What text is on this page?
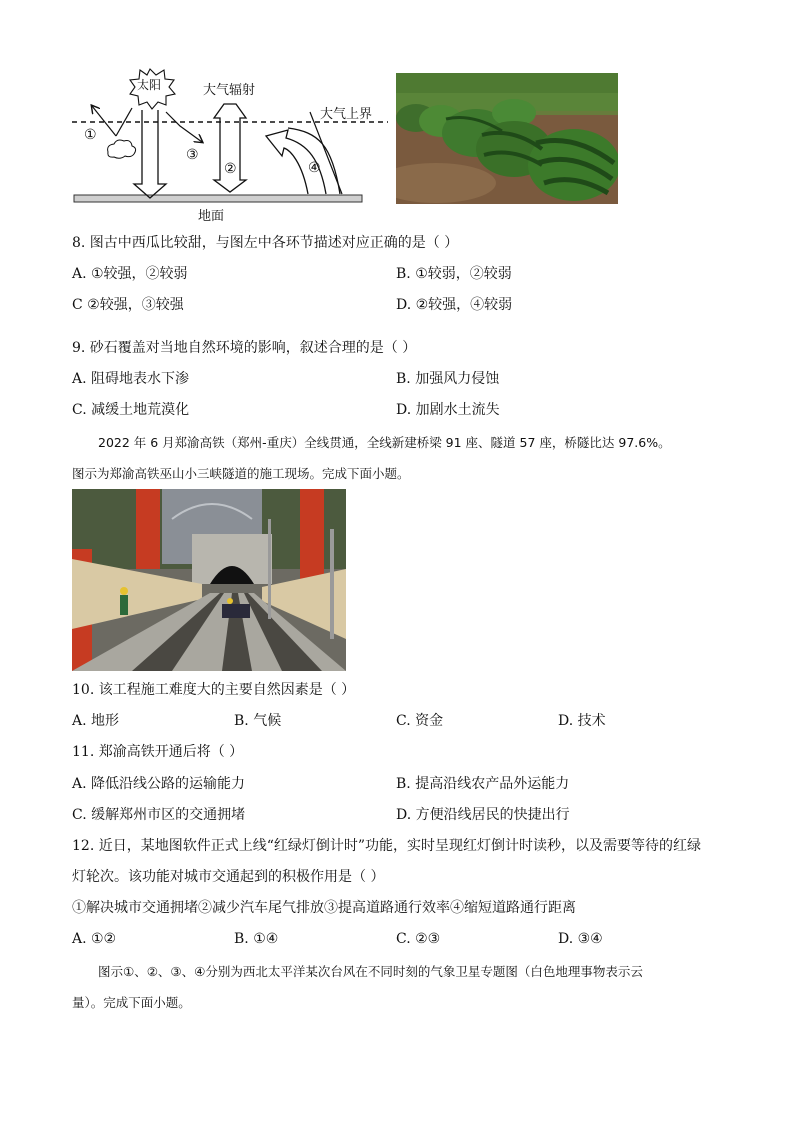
太阳	大气辐射
大气上界
①
②
③
④
地面
8. 图古中西瓜比较甜，与图左中各环节描述对应正确的是（ ）
A. ①较强，②较弱	B. ①较弱，②较弱
C ②较强，③较强	D. ②较强，④较弱
9. 砂石覆盖对当地自然环境的影响，叙述合理的是（ ）
A. 阻碍地表水下渗	B. 加强风力侵蚀
C. 减缓土地荒漠化	D. 加剧水土流失
2022 年 6 月郑渝高铁（郑州-重庆）全线贯通，全线新建桥梁 91 座、隧道 57 座，桥隧比达 97.6%。
图示为郑渝高铁巫山小三峡隧道的施工现场。完成下面小题。
10. 该工程施工难度大的主要自然因素是（ ）
A. 地形	B. 气候	C. 资金	D. 技术
11. 郑渝高铁开通后将（ ）
A. 降低沿线公路的运输能力	B. 提高沿线农产品外运能力
C. 缓解郑州市区的交通拥堵	D. 方便沿线居民的快捷出行
12. 近日，某地图软件正式上线“红绿灯倒计时”功能，实时呈现红灯倒计时读秒，以及需要等待的红绿
灯轮次。该功能对城市交通起到的积极作用是（ ）
①解决城市交通拥堵②减少汽车尾气排放③提高道路通行效率④缩短道路通行距离
A. ①②	B. ①④	C. ②③	D. ③④
图示①、②、③、④分别为西北太平洋某次台风在不同时刻的气象卫星专题图（白色地理事物表示云
量）。完成下面小题。
